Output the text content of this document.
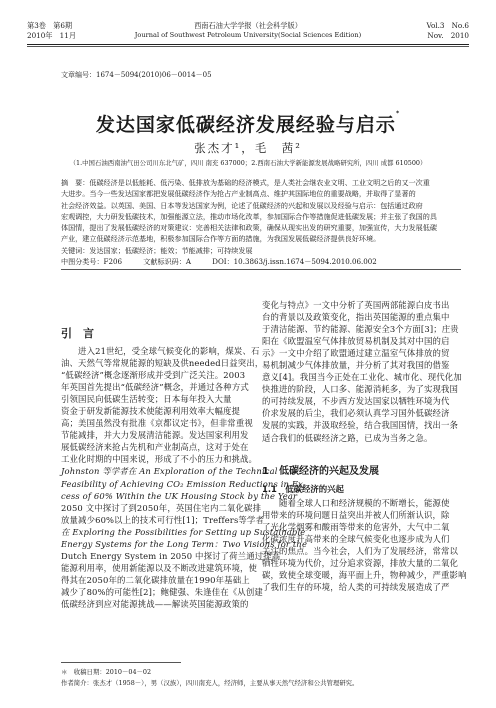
第3卷　第6期
2010年　11月
西南石油大学学报（社会科学版）
Journal of Southwest Petroleum University(Social Sciences Edition)
Vol.3　No.6
Nov.　2010
文章编号：1674－5094(2010)06－0014－05
发达国家低碳经济发展经验与启示*
张杰才¹，毛　茜²
（1.中国石油西南油气田公司川东北气矿，四川 南充 637000；2.西南石油大学新能源发展战略研究所，四川 成都 610500）
摘　要：低碳经济是以低能耗、低污染、低排放为基础的经济模式，是人类社会继农业文明、工业文明之后的又一次重
大进步。当今一些发达国家都把发展低碳经济作为抢占产业制高点、维护其国际地位的重要战略，并取得了显著的
社会经济效益。以英国、美国、日本等发达国家为例，论述了低碳经济的兴起和发展以及经验与启示：包括通过政府
宏观调控，大力研发低碳技术，加强能源立法，推动市场化改革，参加国际合作等措施促进低碳发展；并主张了我国的具
体国情，提出了发展低碳经济的对策建议：完善相关法律和政策，确保从现实出发的研究重要，加强宣传，大力发展低碳
产业，建立低碳经济示范基地，积极参加国际合作等方面的措施，为我国发展低碳经济提供良好环境。
关键词：发达国家；低碳经济；能效；节能减排；可持续发展
中图分类号：F206　　　文献标识码：A　　　DOI：10.3863/j.issn.1674－5094.2010.06.002
引　言
　　进入21世纪，受全球气候变化的影响，煤炭、石
油、天然气等常规能源的短缺及供needed日益突出，
“低碳经济”概念逐渐形成并受到广泛关注。2003
年英国首先提出“低碳经济”概念，并通过各种方式
引领国民向低碳生活转变；日本每年投入大量
资金于研发新能源技术使能源利用效率大幅度提
高；美国虽然没有批准《京都议定书》，但非常重视
节能减排，并大力发展清洁能源。发达国家利用发
展低碳经济来抢占先机和产业制高点，这对于处在
工业化时期的中国来说，形成了不小的压力和挑战。
Johnston 等学者在 An Exploration of the Technical
Feasibility of Achieving CO₂ Emission Reductions in Ex-
cess of 60% Within the UK Housing Stock by the Year
2050 文中探讨了到2050年，英国住宅内二氧化碳排
放量减少60%以上的技术可行性[1]；Treffers等学者
在 Exploring the Possibilities for Setting up Sustainable
Energy Systems for the Long Term：Two Visions for the
Dutch Energy System in 2050 中探讨了荷兰通过提高
能源利用率，使用新能源以及不断改进建筑环境，使
得其在2050年的二氧化碳排放量在1990年基础上
减少了80%的可能性[2]；鲍健强、朱逢佳在《从创建
低碳经济到应对能源挑战——解读英国能源政策的
变化与特点》一文中分析了英国两部能源白皮书出
台的背景以及政策变化，指出英国能源的重点集中
于清洁能源、节约能源、能源安全3个方面[3]；庄贵
阳在《欧盟温室气体排放贸易机制及其对中国的启
示》一文中介绍了欧盟通过建立温室气体排放的贸
易机制减少气体排放量，并分析了其对我国的借鉴
意义[4]。我国当今正处在工业化、城市化、现代化加
快推进的阶段，人口多、能源消耗多，为了实现我国
的可持续发展，不步西方发达国家以牺牲环境为代
价求发展的后尘，我们必须认真学习国外低碳经济
发展的实践，并汲取经验，结合我国国情，找出一条
适合我们的低碳经济之路，已成为当务之急。
1　低碳经济的兴起及发展
1.1　低碳经济的兴起
　　随着全球人口和经济规模的不断增长，能源使
用带来的环境问题日益突出并被人们所渐认识，除
了光化学烟雾和酸雨等带来的危害外，大气中二氧
化碳浓度升高带来的全球气候变化也逐步成为人们
关注的焦点。当今社会，人们为了发展经济，常常以
牺牲环境为代价，过分追求资源，排放大量的二氧化
碳，致使全球变暖，海平面上升，物种减少，严重影响
了我们生存的环境，给人类的可持续发展造成了严
＊　收稿日期：2010－04－02
作者简介：张杰才（1958－），男（汉族），四川南充人，经济师，主要从事天然气经济和公共管理研究。
